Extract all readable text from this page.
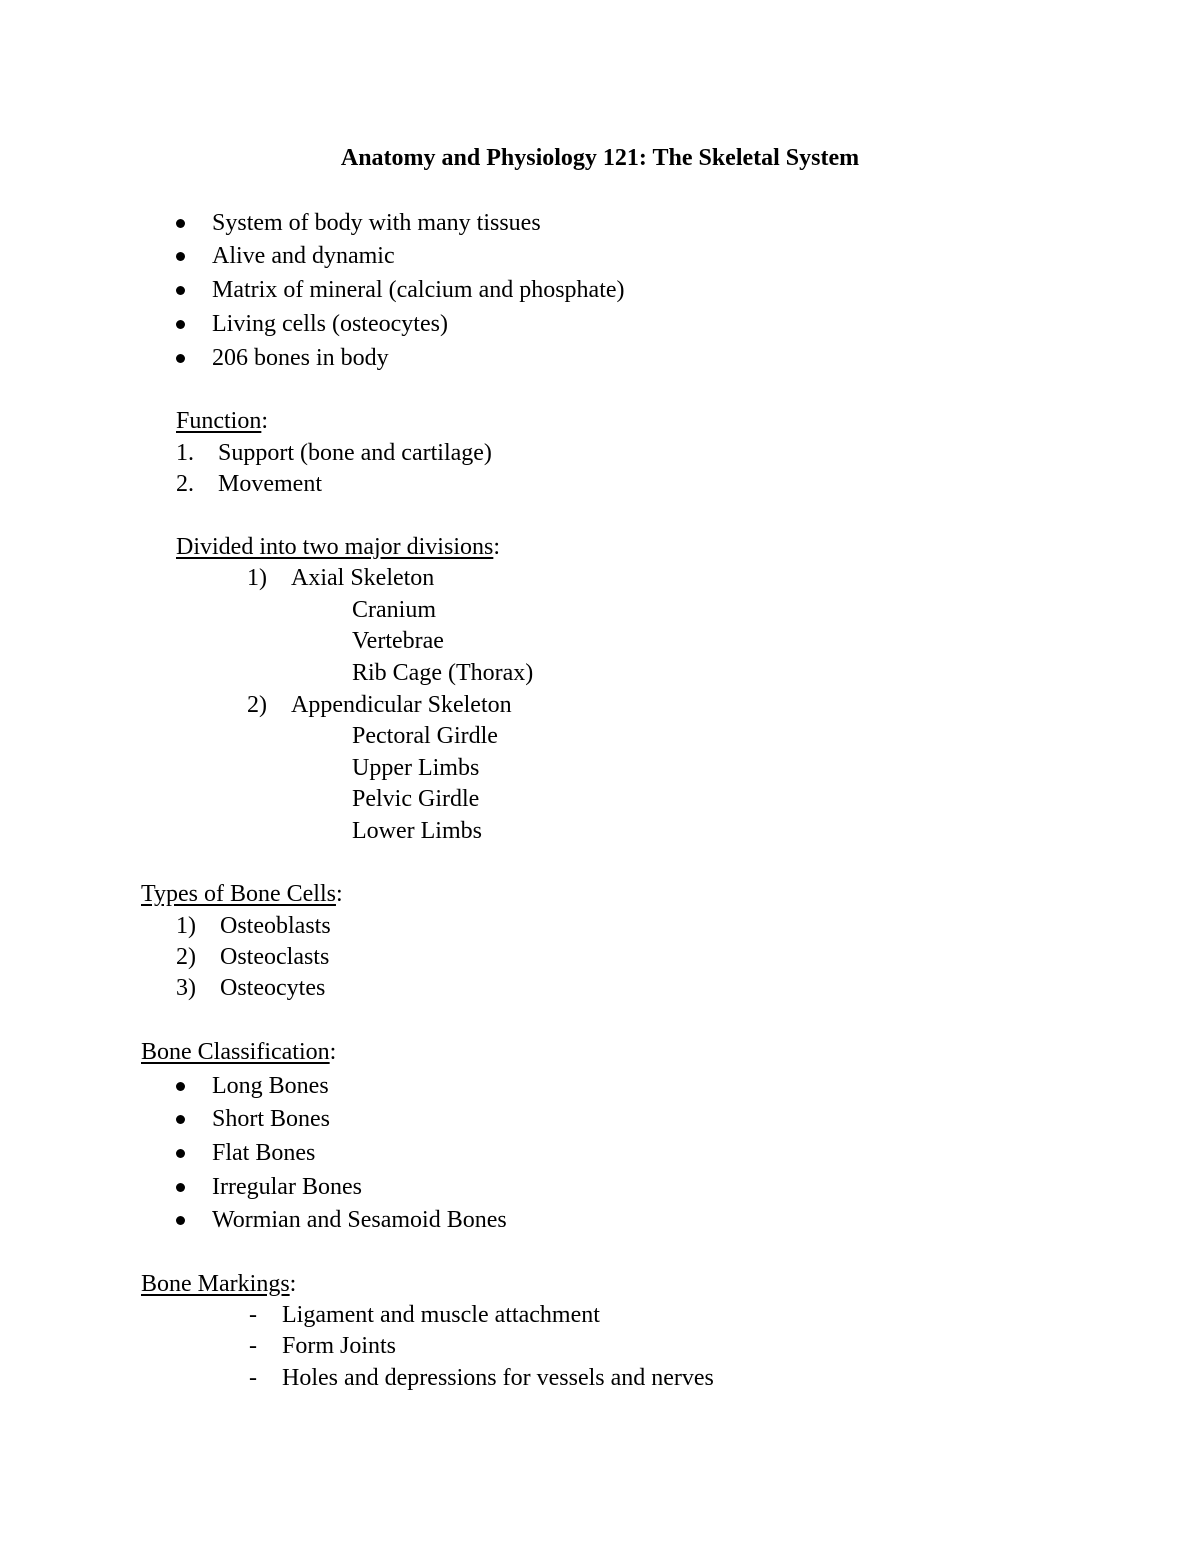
Anatomy and Physiology 121: The Skeletal System
System of body with many tissues
Alive and dynamic
Matrix of mineral (calcium and phosphate)
Living cells (osteocytes)
206 bones in body
Function:
1. Support (bone and cartilage)
2. Movement
Divided into two major divisions:
1) Axial Skeleton
Cranium
Vertebrae
Rib Cage (Thorax)
2) Appendicular Skeleton
Pectoral Girdle
Upper Limbs
Pelvic Girdle
Lower Limbs
Types of Bone Cells:
1) Osteoblasts
2) Osteoclasts
3) Osteocytes
Bone Classification:
Long Bones
Short Bones
Flat Bones
Irregular Bones
Wormian and Sesamoid Bones
Bone Markings:
- Ligament and muscle attachment
- Form Joints
- Holes and depressions for vessels and nerves
